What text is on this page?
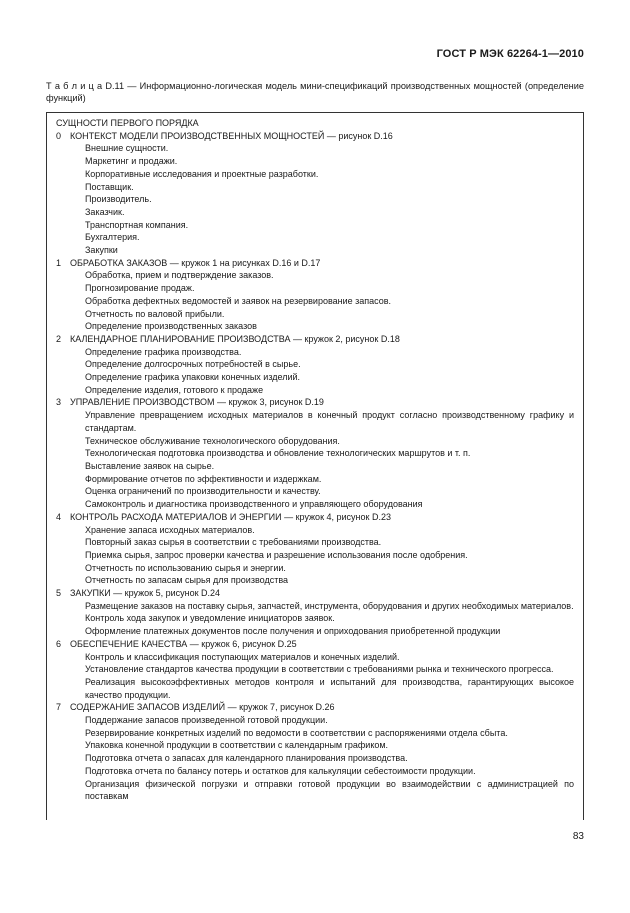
ГОСТ Р МЭК 62264-1—2010
Т а б л и ц а D.11 — Информационно-логическая модель мини-спецификаций производственных мощностей (определение функций)
СУЩНОСТИ ПЕРВОГО ПОРЯДКА
0 КОНТЕКСТ МОДЕЛИ ПРОИЗВОДСТВЕННЫХ МОЩНОСТЕЙ — рисунок D.16
Внешние сущности.
Маркетинг и продажи.
Корпоративные исследования и проектные разработки.
Поставщик.
Производитель.
Заказчик.
Транспортная компания.
Бухгалтерия.
Закупки
1 ОБРАБОТКА ЗАКАЗОВ — кружок 1 на рисунках D.16 и D.17
Обработка, прием и подтверждение заказов.
Прогнозирование продаж.
Обработка дефектных ведомостей и заявок на резервирование запасов.
Отчетность по валовой прибыли.
Определение производственных заказов
2 КАЛЕНДАРНОЕ ПЛАНИРОВАНИЕ ПРОИЗВОДСТВА — кружок 2, рисунок D.18
Определение графика производства.
Определение долгосрочных потребностей в сырье.
Определение графика упаковки конечных изделий.
Определение изделия, готового к продаже
3 УПРАВЛЕНИЕ ПРОИЗВОДСТВОМ — кружок 3, рисунок D.19
Управление превращением исходных материалов в конечный продукт согласно производственному графику и стандартам.
Техническое обслуживание технологического оборудования.
Технологическая подготовка производства и обновление технологических маршрутов и т. п.
Выставление заявок на сырье.
Формирование отчетов по эффективности и издержкам.
Оценка ограничений по производительности и качеству.
Самоконтроль и диагностика производственного и управляющего оборудования
4 КОНТРОЛЬ РАСХОДА МАТЕРИАЛОВ И ЭНЕРГИИ — кружок 4, рисунок D.23
Хранение запаса исходных материалов.
Повторный заказ сырья в соответствии с требованиями производства.
Приемка сырья, запрос проверки качества и разрешение использования после одобрения.
Отчетность по использованию сырья и энергии.
Отчетность по запасам сырья для производства
5 ЗАКУПКИ — кружок 5, рисунок D.24
Размещение заказов на поставку сырья, запчастей, инструмента, оборудования и других необходимых материалов.
Контроль хода закупок и уведомление инициаторов заявок.
Оформление платежных документов после получения и оприходования приобретенной продукции
6 ОБЕСПЕЧЕНИЕ КАЧЕСТВА — кружок 6, рисунок D.25
Контроль и классификация поступающих материалов и конечных изделий.
Установление стандартов качества продукции в соответствии с требованиями рынка и технического прогресса.
Реализация высокоэффективных методов контроля и испытаний для производства, гарантирующих высокое качество продукции.
7 СОДЕРЖАНИЕ ЗАПАСОВ ИЗДЕЛИЙ — кружок 7, рисунок D.26
Поддержание запасов произведенной готовой продукции.
Резервирование конкретных изделий по ведомости в соответствии с распоряжениями отдела сбыта.
Упаковка конечной продукции в соответствии с календарным графиком.
Подготовка отчета о запасах для календарного планирования производства.
Подготовка отчета по балансу потерь и остатков для калькуляции себестоимости продукции.
Организация физической погрузки и отправки готовой продукции во взаимодействии с администрацией по поставкам
83
